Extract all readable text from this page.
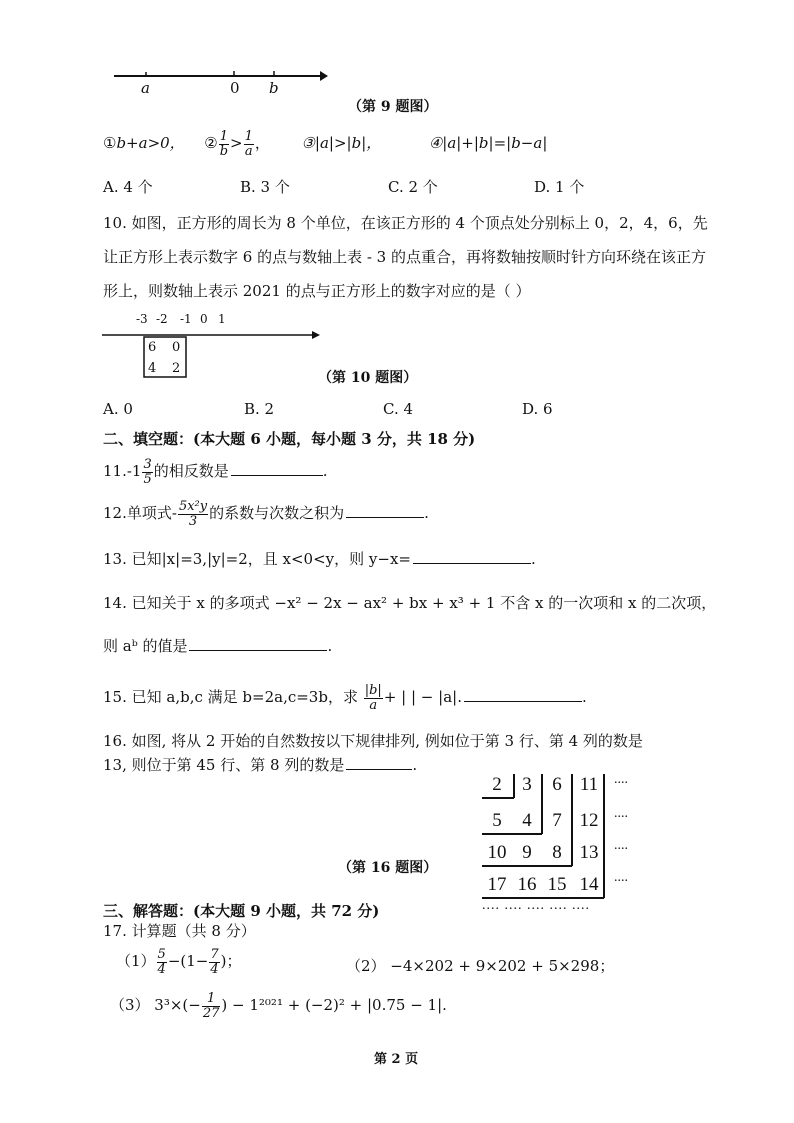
a	0 b
（第 9 题图）
①b+a>0， ② $\frac{1}{b} > \frac{1}{a}$ ， ③|a|>|b|，	④|a|+|b|=|b−a|
A. 4 个	B. 3 个	C. 2 个	D. 1 个
10. 如图，正方形的周长为 8 个单位，在该正方形的 4 个顶点处分别标上 0，2，4，6，先
让正方形上表示数字 6 的点与数轴上表 - 3 的点重合，再将数轴按顺时针方向环绕在该正方
形上，则数轴上表示 2021 的点与正方形上的数字对应的是（ ）
-3 -2 -1 0 1
6 0
4 2
（第 10 题图）
A. 0	B. 2	C. 4	D. 6
二、填空题：(本大题 6 小题，每小题 3 分，共 18 分)
$11.-1 \frac{3}{5}$ 的相反数是	.
12.单项式- $\frac{\text{5x²y}}{3}$ 的系数与次数之积为	.
13. 已知|x|=3,|y|=2，且 x<0<y，则 y−x=	.
14. 已知关于 x 的多项式 −x² − 2x − ax² + bx + x³ + 1 不含 x 的一次项和 x 的二次项，
则 aᵇ 的值是	.
15. 已知 a,b,c 满足 b=2a,c=3b，求 $\frac{|b|}{a}$ + | | − |a|.	.
16. 如图, 将从 2 开始的自然数按以下规律排列, 例如位于第 3 行、第 4 列的数是
13, 则位于第 45 行、第 8 列的数是	.
（第 16 题图）
2	3	6 11	....
5	4	7 12	....
10 9	8 13	....
17 16 15 14	....
.... .... .... .... ....
三、解答题：(本大题 9 小题，共 72 分)
17. 计算题（共 8 分）
$(1) \frac{5}{4} -(1- \frac{7}{4}$ )；	（2） −4×202 + 9×202 + 5×298；
（3） $3^3\times(- \frac{1}{27}$ ) − 1²⁰²¹ + (−2)² + |0.75 − 1|.
第 2 页
